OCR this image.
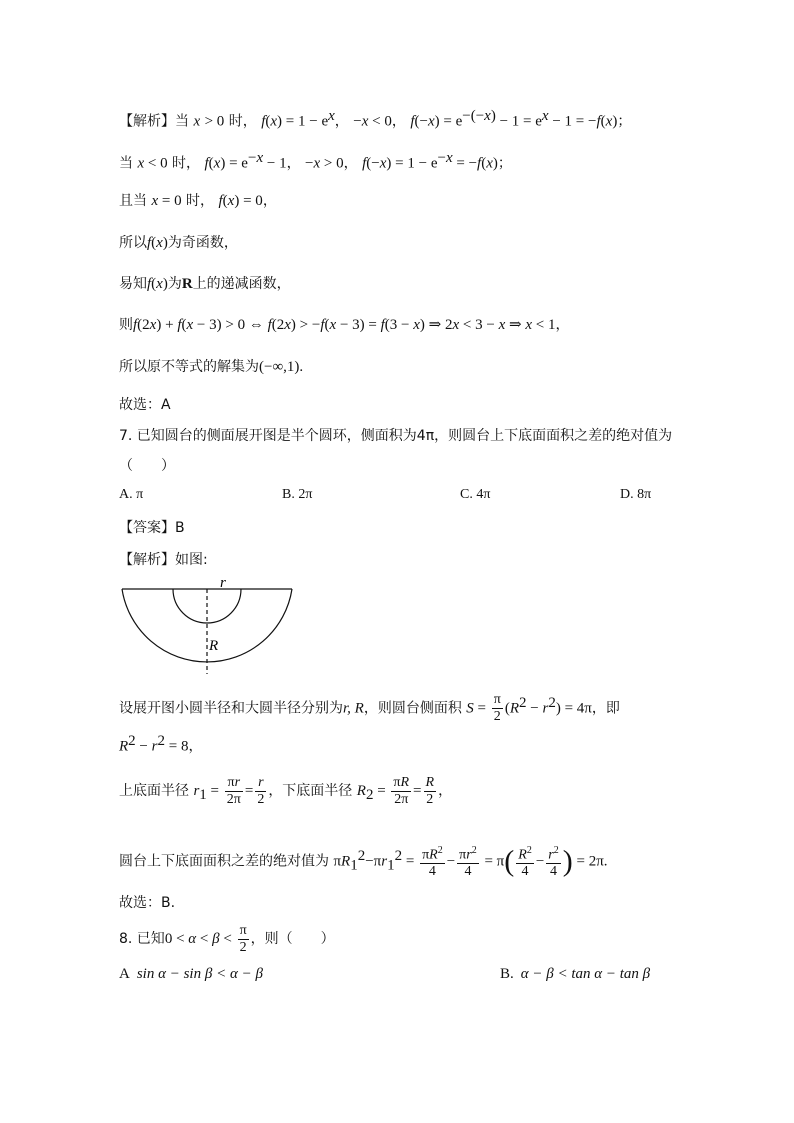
【解析】当 x > 0 时， $f(x) = 1 - e^x$， −x < 0， $f(-x) = e^{-(-x)} - 1 = e^x - 1 = -f(x)$；
当 x < 0 时， $f(x) = e^{-x} - 1$， −x > 0， $f(-x) = 1 - e^{-x} = -f(x)$；
且当 x = 0 时， f(x) = 0，
所以f(x)为奇函数，
易知f(x)为R上的递减函数，
则f(2x) + f(x − 3) > 0 ⇔ f(2x) > −f(x − 3) = f(3 − x) ⇒ 2x < 3 − x ⇒ x < 1，
所以原不等式的解集为(−∞,1).
故选：A
7. 已知圆台的侧面展开图是半个圆环，侧面积为4π，则圆台上下底面面积之差的绝对值为
（　　）
A. π	B. 2π	C. 4π	D. 8π
【答案】B
【解析】如图:
r
R
设展开图小圆半径和大圆半径分别为r, R，则圆台侧面积 $S = \frac{\pi}{2} (R^2 - r^2) = 4\pi$，即
$R^2 - r^2 = 8$，
上底面半径 $r_1 = \frac{\pi r}{2\pi} = \frac{r}{2}$ ，下底面半径 $R_2 = \frac{\pi R}{2\pi} = \frac{R}{2}$ ，
圆台上下底面面积之差的绝对值为 $\pi R_1^2-\pi r_1^2 = \frac{\pi R^2}{4} - \frac{\pi r^2}{4} = \pi( \frac{R^2}{4} - \frac{r^2}{4}$ ) = 2π.
故选：B.
8. 已知$0 < \alpha < \beta < \frac{\pi}{2}$ ，则（　　）
A sin α − sin β < α − β	B. α − β < tan α − tan β
